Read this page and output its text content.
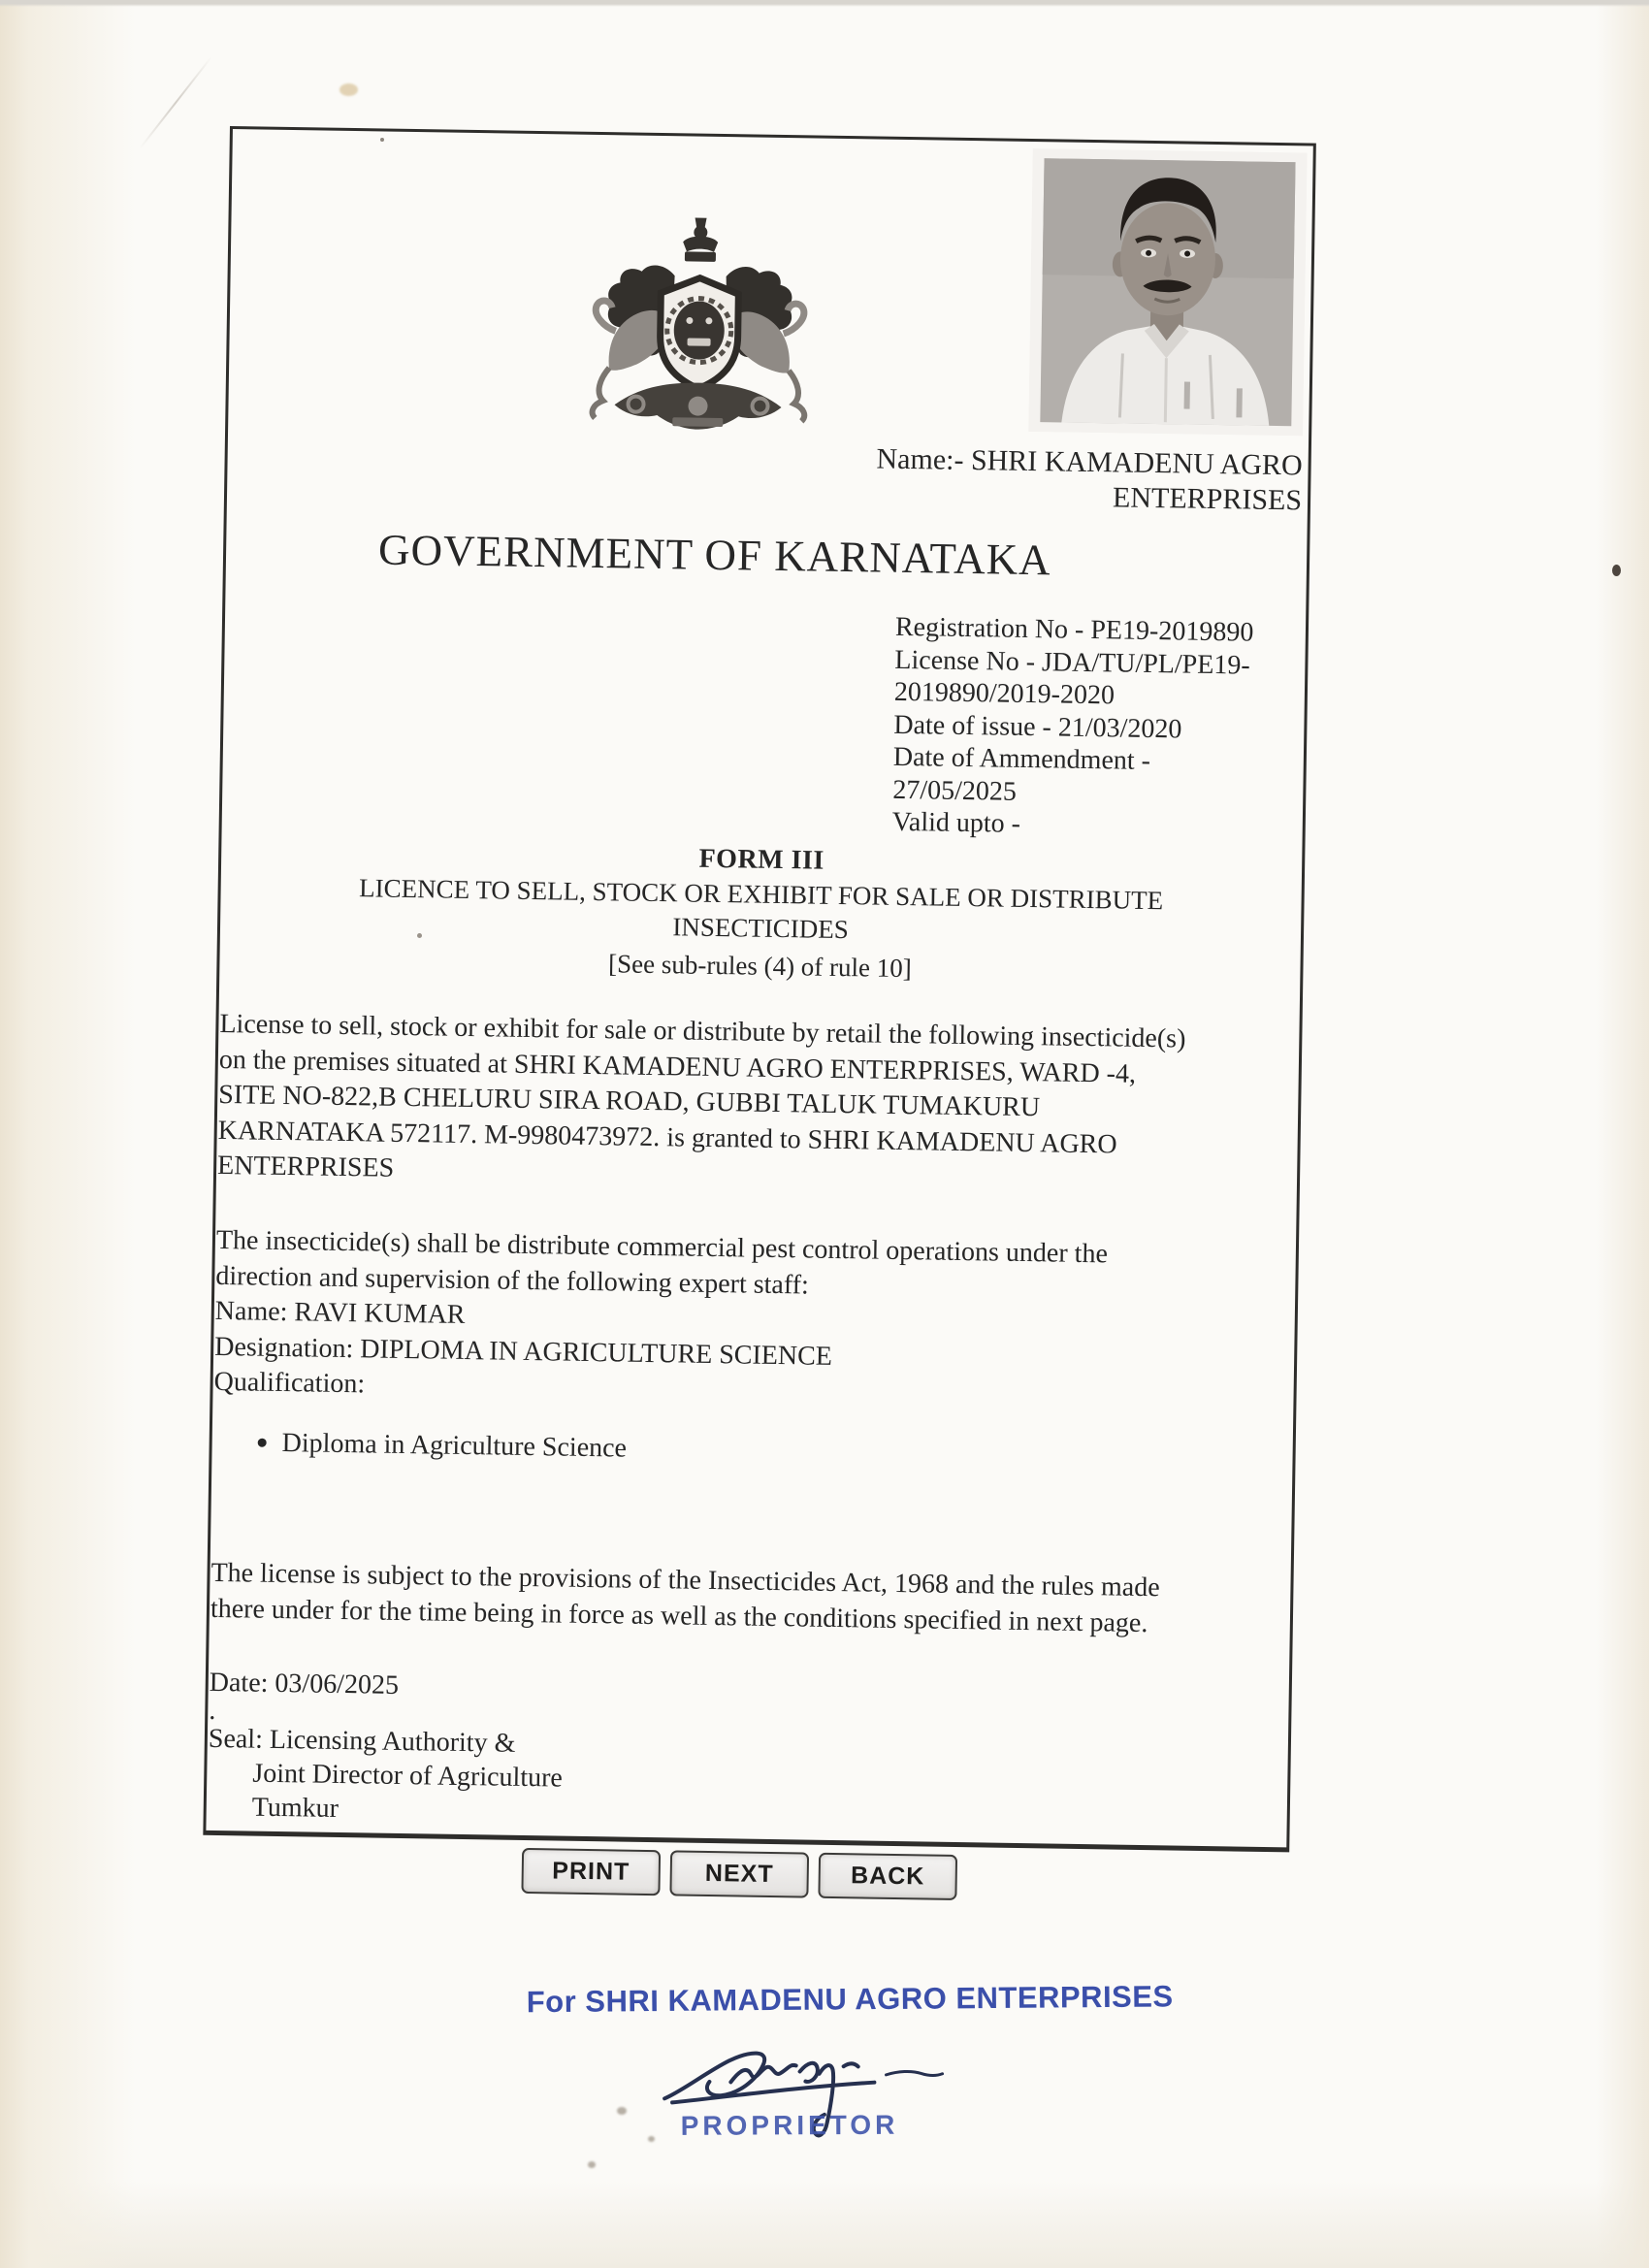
Name:- SHRI KAMADENU AGRO
ENTERPRISES
GOVERNMENT OF KARNATAKA
Registration No - PE19-2019890
License No - JDA/TU/PL/PE19-
2019890/2019-2020
Date of issue - 21/03/2020
Date of Ammendment -
27/05/2025
Valid upto -
FORM III
LICENCE TO SELL, STOCK OR EXHIBIT FOR SALE OR DISTRIBUTE
INSECTICIDES
[See sub-rules (4) of rule 10]
License to sell, stock or exhibit for sale or distribute by retail the following insecticide(s)
on the premises situated at SHRI KAMADENU AGRO ENTERPRISES, WARD -4,
SITE NO-822,B CHELURU SIRA ROAD, GUBBI TALUK TUMAKURU
KARNATAKA 572117. M-9980473972. is granted to SHRI KAMADENU AGRO
ENTERPRISES
The insecticide(s) shall be distribute commercial pest control operations under the
direction and supervision of the following expert staff:
Name: RAVI KUMAR
Designation: DIPLOMA IN AGRICULTURE SCIENCE
Qualification:
Diploma in Agriculture Science
The license is subject to the provisions of the Insecticides Act, 1968 and the rules made
there under for the time being in force as well as the conditions specified in next page.
Date: 03/06/2025
.
Seal: Licensing Authority &
Joint Director of Agriculture
Tumkur
PRINT	NEXT	BACK
For SHRI KAMADENU AGRO ENTERPRISES
PROPRIETOR
